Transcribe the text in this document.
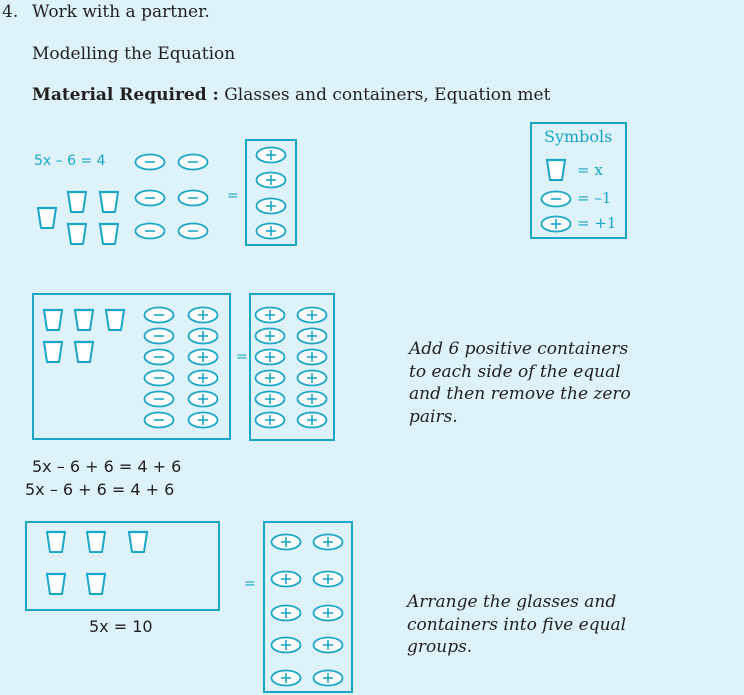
4. Work with a partner.
Modelling the Equation
Material Required : Glasses and containers, Equation met
Symbols
= x
= –1
= +1
5x – 6 = 4
=
=	Add 6 positive containers
to each side of the equal
and then remove the zero
pairs.
5x – 6 + 6 = 4 + 6
5x – 6 + 6 = 4 + 6
=
5x = 10
Arrange the glasses and
containers into five equal
groups.
